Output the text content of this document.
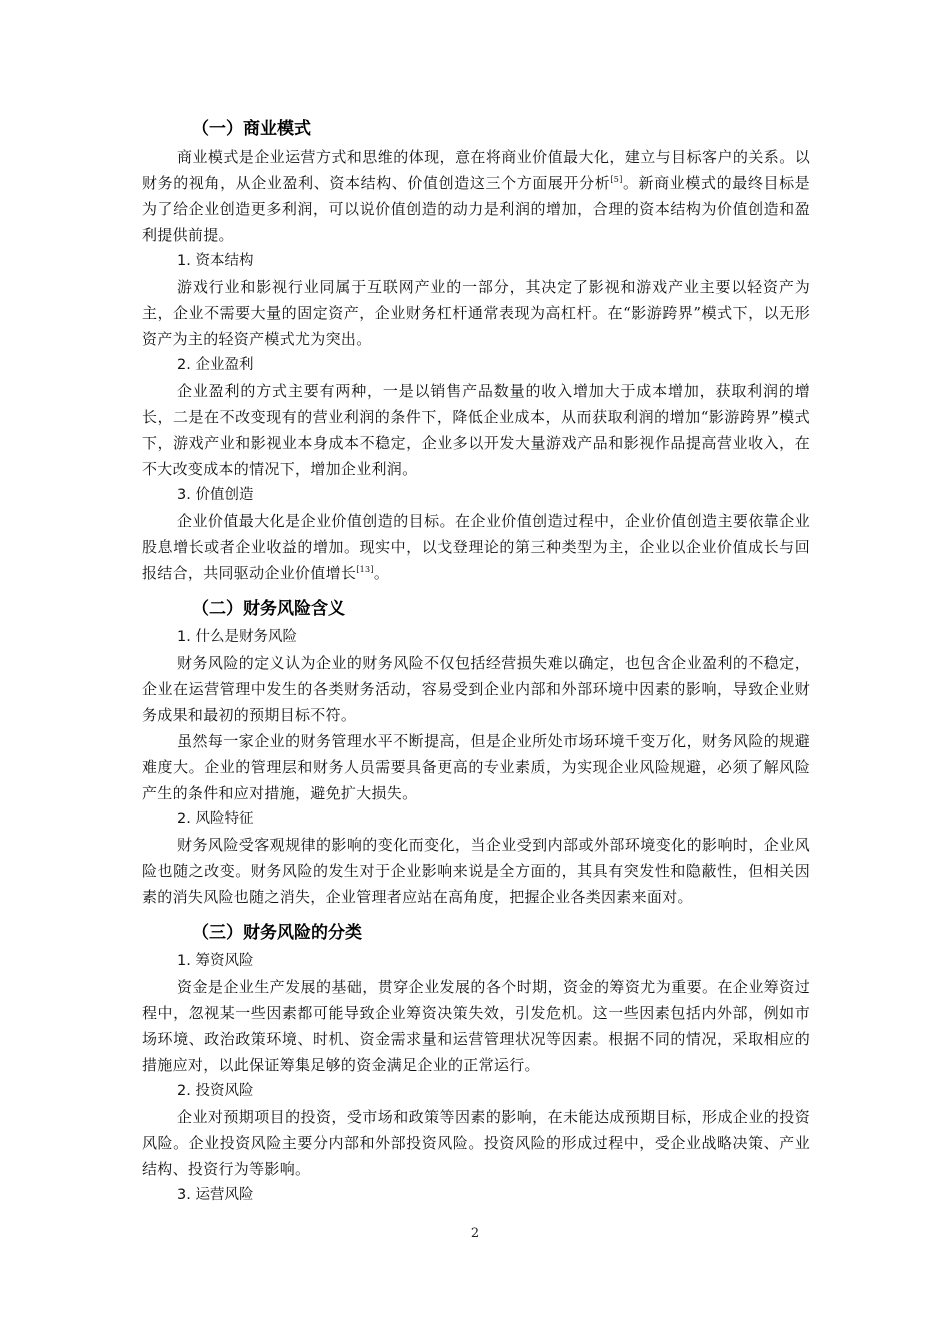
（一）商业模式

商业模式是企业运营方式和思维的体现，意在将商业价值最大化，建立与目标客户的关系。以财务的视角，从企业盈利、资本结构、价值创造这三个方面展开分析[5]。新商业模式的最终目标是为了给企业创造更多利润，可以说价值创造的动力是利润的增加，合理的资本结构为价值创造和盈利提供前提。

1. 资本结构

游戏行业和影视行业同属于互联网产业的一部分，其决定了影视和游戏产业主要以轻资产为主，企业不需要大量的固定资产，企业财务杠杆通常表现为高杠杆。在“影游跨界”模式下，以无形资产为主的轻资产模式尤为突出。

2. 企业盈利

企业盈利的方式主要有两种，一是以销售产品数量的收入增加大于成本增加，获取利润的增长，二是在不改变现有的营业利润的条件下，降低企业成本，从而获取利润的增加“影游跨界”模式下，游戏产业和影视业本身成本不稳定，企业多以开发大量游戏产品和影视作品提高营业收入，在不大改变成本的情况下，增加企业利润。

3. 价值创造

企业价值最大化是企业价值创造的目标。在企业价值创造过程中，企业价值创造主要依靠企业股息增长或者企业收益的增加。现实中，以戈登理论的第三种类型为主，企业以企业价值成长与回报结合，共同驱动企业价值增长[13]。

（二）财务风险含义
1. 什么是财务风险

财务风险的定义认为企业的财务风险不仅包括经营损失难以确定，也包含企业盈利的不稳定，企业在运营管理中发生的各类财务活动，容易受到企业内部和外部环境中因素的影响，导致企业财务成果和最初的预期目标不符。

虽然每一家企业的财务管理水平不断提高，但是企业所处市场环境千变万化，财务风险的规避难度大。企业的管理层和财务人员需要具备更高的专业素质，为实现企业风险规避，必须了解风险产生的条件和应对措施，避免扩大损失。

2. 风险特征

财务风险受客观规律的影响的变化而变化，当企业受到内部或外部环境变化的影响时，企业风险也随之改变。财务风险的发生对于企业影响来说是全方面的，其具有突发性和隐蔽性，但相关因素的消失风险也随之消失，企业管理者应站在高角度，把握企业各类因素来面对。

（三）财务风险的分类
1. 筹资风险

资金是企业生产发展的基础，贯穿企业发展的各个时期，资金的筹资尤为重要。在企业筹资过程中，忽视某一些因素都可能导致企业筹资决策失效，引发危机。这一些因素包括内外部，例如市场环境、政治政策环境、时机、资金需求量和运营管理状况等因素。根据不同的情况，采取相应的措施应对，以此保证筹集足够的资金满足企业的正常运行。

2. 投资风险

企业对预期项目的投资，受市场和政策等因素的影响，在未能达成预期目标，形成企业的投资风险。企业投资风险主要分内部和外部投资风险。投资风险的形成过程中，受企业战略决策、产业结构、投资行为等影响。

3. 运营风险
2
